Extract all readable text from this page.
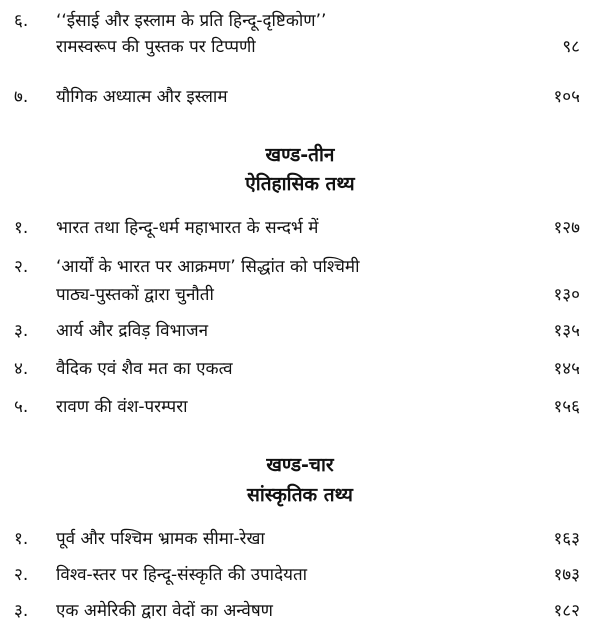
६. ‘‘ईसाई और इस्लाम के प्रति हिन्दू-दृष्टिकोण’’
रामस्वरूप की पुस्तक पर टिप्पणी	९८
७. यौगिक अध्यात्म और इस्लाम	१०५
खण्ड-तीन
ऐतिहासिक तथ्य
१. भारत तथा हिन्दू-धर्म महाभारत के सन्दर्भ में	१२७
२. ‘आर्यों के भारत पर आक्रमण’ सिद्धांत को पश्चिमी
पाठ्य-पुस्तकों द्वारा चुनौती	१३०
३. आर्य और द्रविड़ विभाजन	१३५
४. वैदिक एवं शैव मत का एकत्व	१४५
५. रावण की वंश-परम्परा	१५६
खण्ड-चार
सांस्कृतिक तथ्य
१. पूर्व और पश्चिम भ्रामक सीमा-रेखा	१६३
२. विश्व-स्तर पर हिन्दू-संस्कृति की उपादेयता	१७३
३. एक अमेरिकी द्वारा वेदों का अन्वेषण	१८२
